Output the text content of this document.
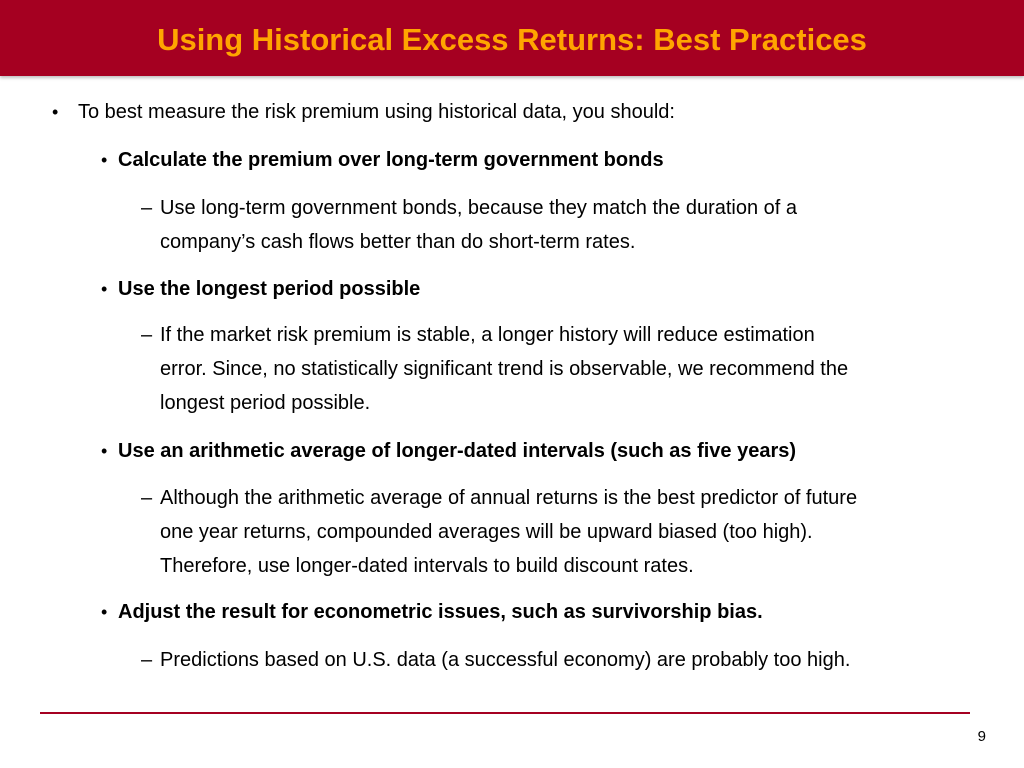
Using Historical Excess Returns: Best Practices
• To best measure the risk premium using historical data, you should:
• Calculate the premium over long-term government bonds
– Use long-term government bonds, because they match the duration of a
company’s cash flows better than do short-term rates.
• Use the longest period possible
– If the market risk premium is stable, a longer history will reduce estimation
error. Since, no statistically significant trend is observable, we recommend the
longest period possible.
• Use an arithmetic average of longer-dated intervals (such as five years)
– Although the arithmetic average of annual returns is the best predictor of future
one year returns, compounded averages will be upward biased (too high).
Therefore, use longer-dated intervals to build discount rates.
• Adjust the result for econometric issues, such as survivorship bias.
– Predictions based on U.S. data (a successful economy) are probably too high.
9
